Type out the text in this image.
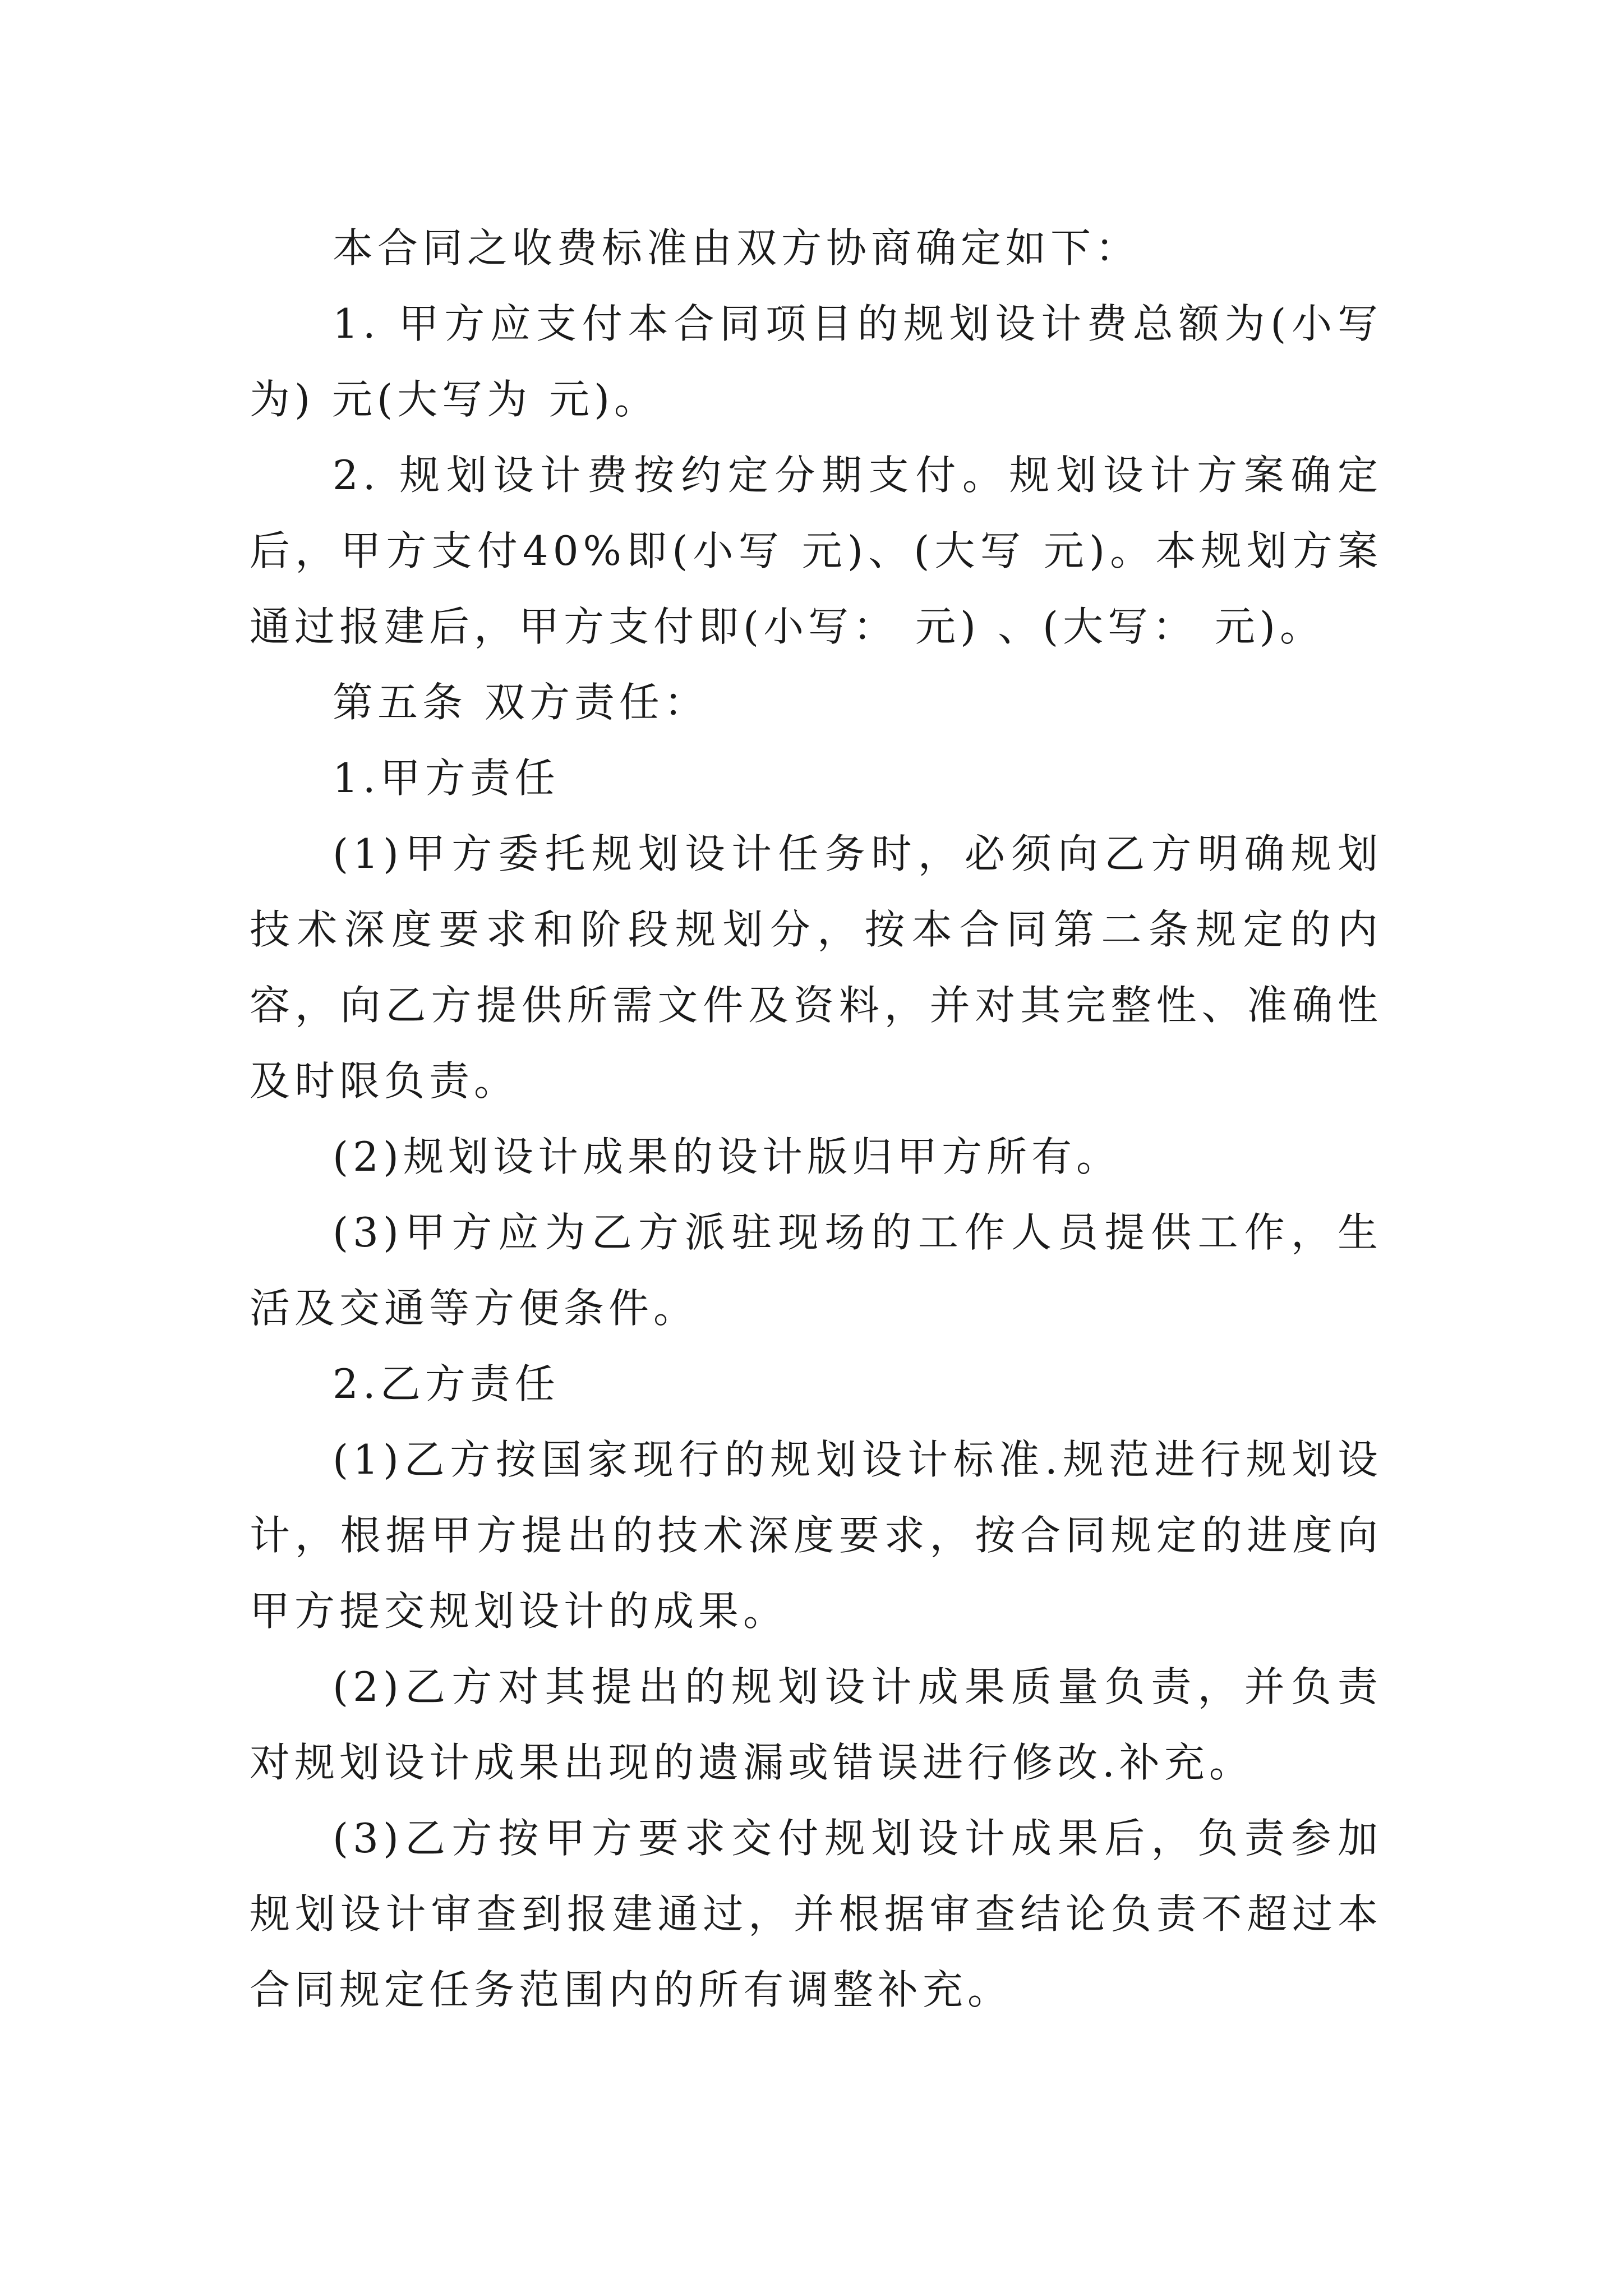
本合同之收费标准由双方协商确定如下：

1. 甲方应支付本合同项目的规划设计费总额为(小写为) 元(大写为 元)。

2. 规划设计费按约定分期支付。规划设计方案确定后，甲方支付40%即(小写 元)、(大写 元)。本规划方案通过报建后，甲方支付即(小写： 元) 、(大写： 元)。

第五条 双方责任：

1.甲方责任

(1)甲方委托规划设计任务时，必须向乙方明确规划技术深度要求和阶段规划分，按本合同第二条规定的内容，向乙方提供所需文件及资料，并对其完整性、准确性及时限负责。

(2)规划设计成果的设计版归甲方所有。

(3)甲方应为乙方派驻现场的工作人员提供工作，生活及交通等方便条件。

2.乙方责任

(1)乙方按国家现行的规划设计标准.规范进行规划设计，根据甲方提出的技术深度要求，按合同规定的进度向甲方提交规划设计的成果。

(2)乙方对其提出的规划设计成果质量负责，并负责对规划设计成果出现的遗漏或错误进行修改.补充。

(3)乙方按甲方要求交付规划设计成果后，负责参加规划设计审查到报建通过，并根据审查结论负责不超过本合同规定任务范围内的所有调整补充。
